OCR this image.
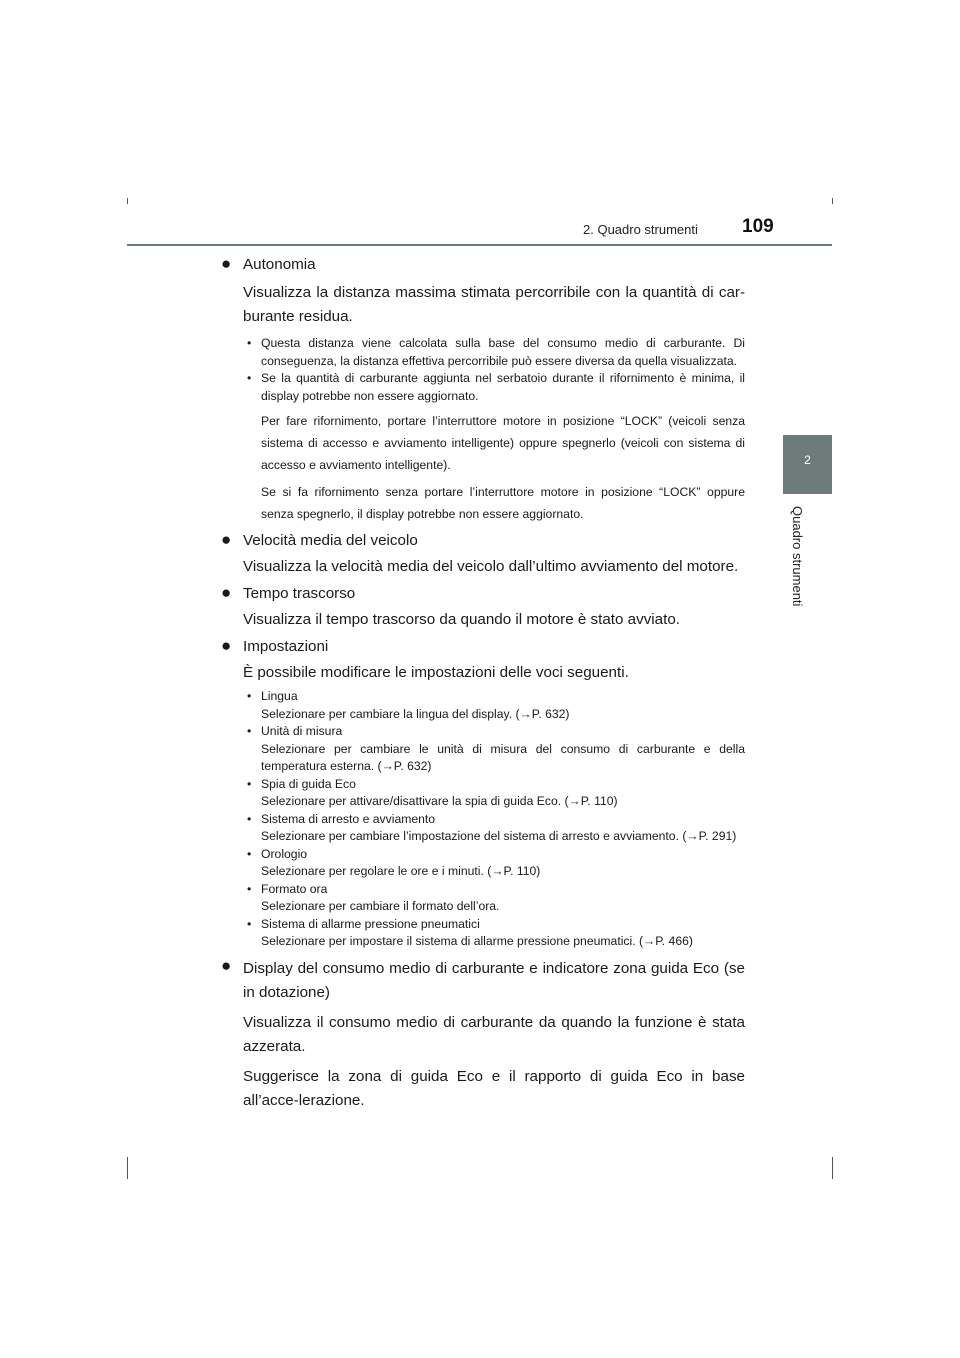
2. Quadro strumenti 109
2
Quadro strumenti
● Autonomia
Visualizza la distanza massima stimata percorribile con la quantità di car-burante residua.
• Questa distanza viene calcolata sulla base del consumo medio di carburante. Di conseguenza, la distanza effettiva percorribile può essere diversa da quella visualizzata.
• Se la quantità di carburante aggiunta nel serbatoio durante il rifornimento è minima, il display potrebbe non essere aggiornato.
Per fare rifornimento, portare l’interruttore motore in posizione “LOCK” (veicoli senza sistema di accesso e avviamento intelligente) oppure spegnerlo (veicoli con sistema di accesso e avviamento intelligente).
Se si fa rifornimento senza portare l’interruttore motore in posizione “LOCK” oppure senza spegnerlo, il display potrebbe non essere aggiornato.
● Velocità media del veicolo
Visualizza la velocità media del veicolo dall’ultimo avviamento del motore.
● Tempo trascorso
Visualizza il tempo trascorso da quando il motore è stato avviato.
● Impostazioni
È possibile modificare le impostazioni delle voci seguenti.
• Lingua
Selezionare per cambiare la lingua del display. (→P. 632)
• Unità di misura
Selezionare per cambiare le unità di misura del consumo di carburante e della temperatura esterna. (→P. 632)
• Spia di guida Eco
Selezionare per attivare/disattivare la spia di guida Eco. (→P. 110)
• Sistema di arresto e avviamento
Selezionare per cambiare l’impostazione del sistema di arresto e avviamento. (→P. 291)
• Orologio
Selezionare per regolare le ore e i minuti. (→P. 110)
• Formato ora
Selezionare per cambiare il formato dell’ora.
• Sistema di allarme pressione pneumatici
Selezionare per impostare il sistema di allarme pressione pneumatici. (→P. 466)
● Display del consumo medio di carburante e indicatore zona guida Eco (se in dotazione)
Visualizza il consumo medio di carburante da quando la funzione è stata azzerata.
Suggerisce la zona di guida Eco e il rapporto di guida Eco in base all’acce-lerazione.
